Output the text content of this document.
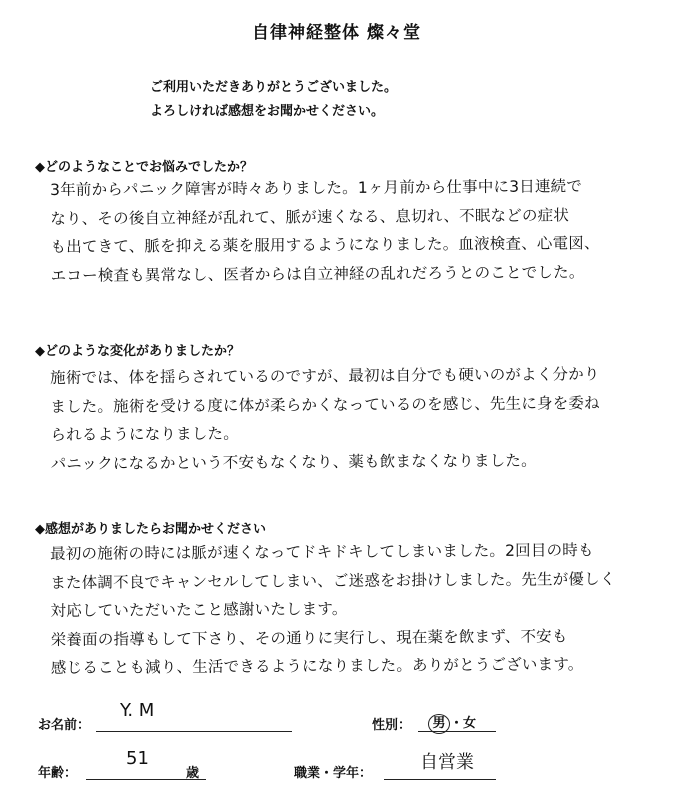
自律神経整体 燦々堂
ご利用いただきありがとうございました。
よろしければ感想をお聞かせください。
◆どのようなことでお悩みでしたか？
3年前からパニック障害が時々ありました。1ヶ月前から仕事中に3日連続で
なり、その後自立神経が乱れて、脈が速くなる、息切れ、不眠などの症状
も出てきて、脈を抑える薬を服用するようになりました。血液検査、心電図、
エコー検査も異常なし、医者からは自立神経の乱れだろうとのことでした。
◆どのような変化がありましたか？
施術では、体を揺らされているのですが、最初は自分でも硬いのがよく分かり
ました。施術を受ける度に体が柔らかくなっているのを感じ、先生に身を委ね
られるようになりました。
パニックになるかという不安もなくなり、薬も飲まなくなりました。
◆感想がありましたらお聞かせください
最初の施術の時には脈が速くなってドキドキしてしまいました。2回目の時も
また体調不良でキャンセルしてしまい、ご迷惑をお掛けしました。先生が優しく
対応していただいたこと感謝いたします。
栄養面の指導もして下さり、その通りに実行し、現在薬を飲まず、不安も
感じることも減り、生活できるようになりました。ありがとうございます。
お名前：
Y. M
性別：	男 ・女
年齢：
51
歳	職業・学年：
自営業
